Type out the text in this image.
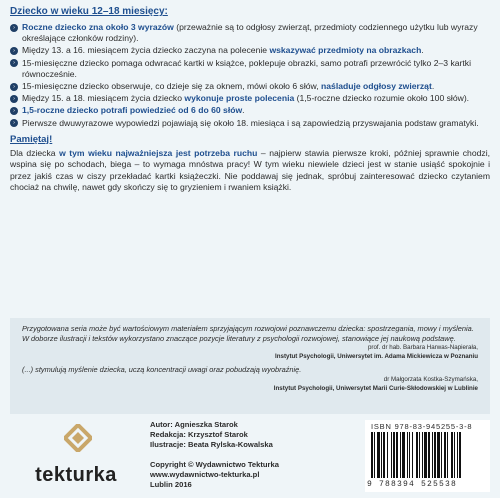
Dziecko w wieku 12–18 miesięcy:
› Roczne dziecko zna około 3 wyrazów (przeważnie są to odgłosy zwierząt, przedmioty codziennego użytku lub wyrazy określające członków rodziny).
› Między 13. a 16. miesiącem życia dziecko zaczyna na polecenie wskazywać przedmioty na obrazkach.
› 15-miesięczne dziecko pomaga odwracać kartki w książce, poklepuje obrazki, samo potrafi przewrócić tylko 2–3 kartki równocześnie.
› 15-miesięczne dziecko obserwuje, co dzieje się za oknem, mówi około 6 słów, naśladuje odgłosy zwierząt.
› Między 15. a 18. miesiącem życia dziecko wykonuje proste polecenia (1,5-roczne dziecko rozumie około 100 słów).
› 1,5-roczne dziecko potrafi powiedzieć od 6 do 60 słów.
› Pierwsze dwuwyrazowe wypowiedzi pojawiają się około 18. miesiąca i są zapowiedzią przyswajania podstaw gramatyki.
Pamiętaj!

Dla dziecka w tym wieku najważniejsza jest potrzeba ruchu – najpierw stawia pierwsze kroki, później sprawnie chodzi, wspina się po schodach, biega – to wymaga mnóstwa pracy! W tym wieku niewiele dzieci jest w stanie usiąść spokojnie i przez jakiś czas w ciszy przekładać kartki książeczki. Nie poddawaj się jednak, spróbuj zainteresować dziecko czytaniem chociaż na chwilę, nawet gdy skończy się to gryzieniem i rwaniem książki.

Przygotowana seria może być wartościowym materiałem sprzyjającym rozwojowi poznawczemu dziecka: spostrzegania, mowy i myślenia. W doborze ilustracji i tekstów wykorzystano znaczące pozycje literatury z psychologii rozwojowej, stanowiące jej naukową podstawę.

prof. dr hab. Barbara Harwas-Napierała,

Instytut Psychologii, Uniwersytet im. Adama Mickiewicza w Poznaniu

(...) stymulują myślenie dziecka, uczą koncentracji uwagi oraz pobudzają wyobraźnię.

dr Małgorzata Kostka-Szymańska,

Instytut Psychologii, Uniwersytet Marii Curie-Skłodowskiej w Lublinie

tekturka

Autor: Agnieszka Starok

Redakcja: Krzysztof Starok

Ilustracje: Beata Rylska-Kowalska

Copyright © Wydawnictwo Tekturka

www.wydawnictwo-tekturka.pl

Lublin 2016

ISBN 978-83-945255-3-8
9 788394 525538
